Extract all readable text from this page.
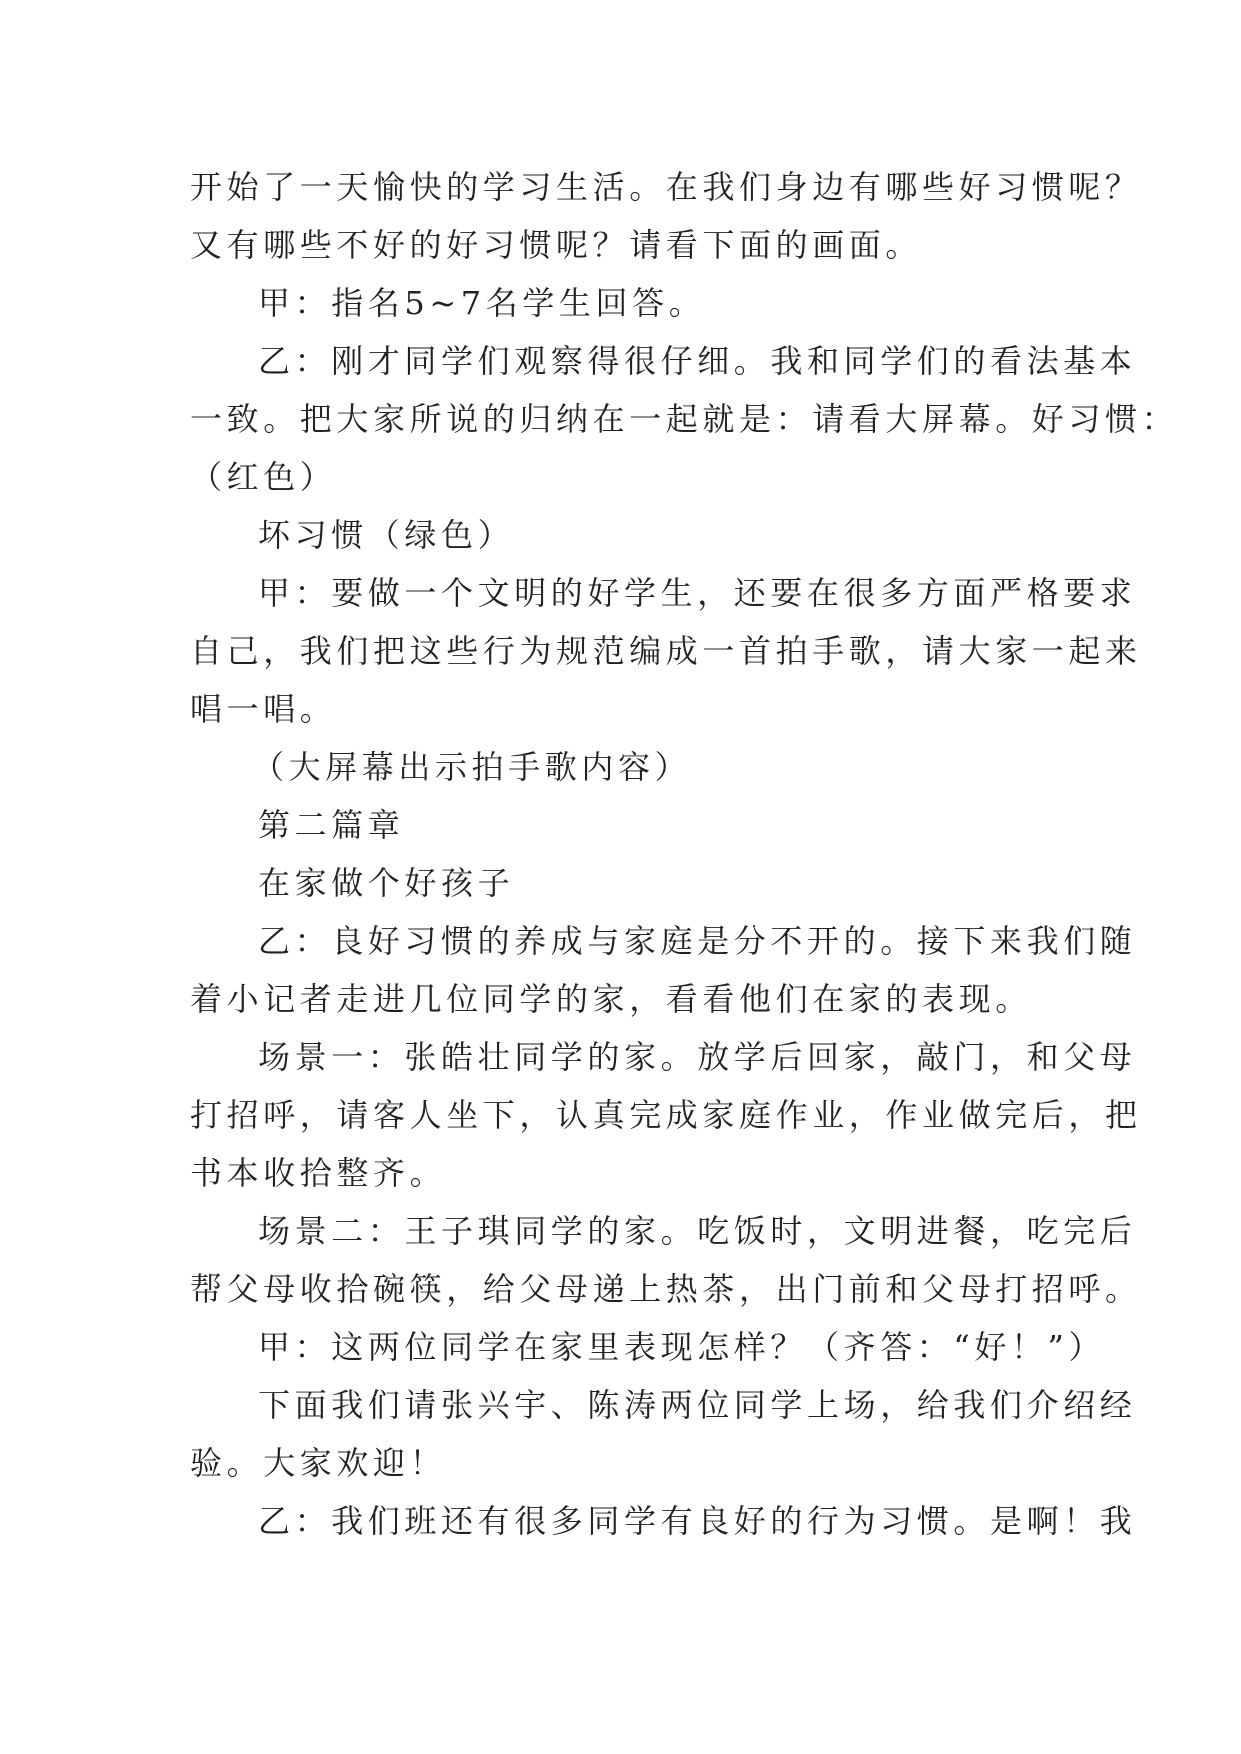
开始了一天愉快的学习生活。在我们身边有哪些好习惯呢？
又有哪些不好的好习惯呢？请看下面的画面。
甲：指名5~7名学生回答。
乙：刚才同学们观察得很仔细。我和同学们的看法基本
一致。把大家所说的归纳在一起就是：请看大屏幕。好习惯：
（红色）
坏习惯（绿色）
甲：要做一个文明的好学生，还要在很多方面严格要求
自己，我们把这些行为规范编成一首拍手歌，请大家一起来
唱一唱。
（大屏幕出示拍手歌内容）
第二篇章
在家做个好孩子
乙：良好习惯的养成与家庭是分不开的。接下来我们随
着小记者走进几位同学的家，看看他们在家的表现。
场景一：张皓壮同学的家。放学后回家，敲门，和父母
打招呼，请客人坐下，认真完成家庭作业，作业做完后，把
书本收拾整齐。
场景二：王子琪同学的家。吃饭时，文明进餐，吃完后
帮父母收拾碗筷，给父母递上热茶，出门前和父母打招呼。
甲：这两位同学在家里表现怎样？（齐答：“好！”）
下面我们请张兴宇、陈涛两位同学上场，给我们介绍经
验。大家欢迎！
乙：我们班还有很多同学有良好的行为习惯。是啊！我
